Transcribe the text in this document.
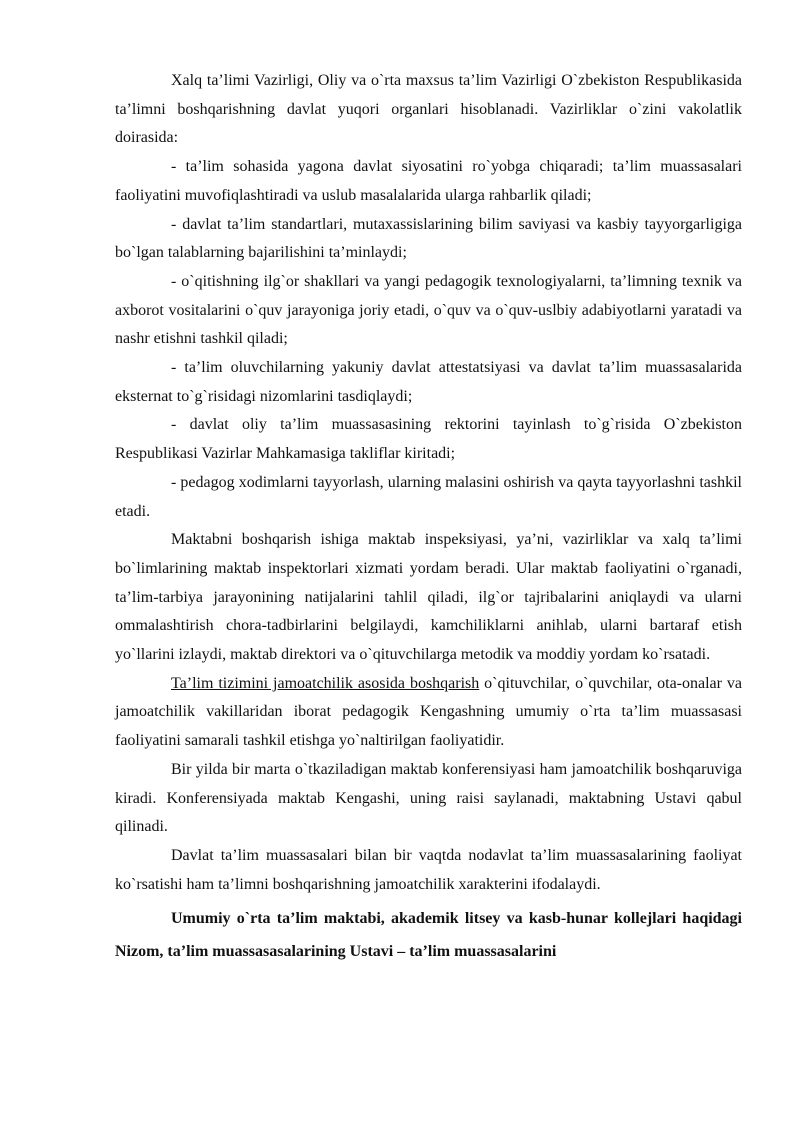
Xalq ta’limi Vazirligi, Oliy va o`rta maxsus ta’lim Vazirligi O`zbekiston Respublikasida ta’limni boshqarishning davlat yuqori organlari hisoblanadi. Vazirliklar o`zini vakolatlik doirasida:

- ta’lim sohasida yagona davlat siyosatini ro`yobga chiqaradi; ta’lim muassasalari faoliyatini muvofiqlashtiradi va uslub masalalarida ularga rahbarlik qiladi;

- davlat ta’lim standartlari, mutaxassislarining bilim saviyasi va kasbiy tayyorgarligiga bo`lgan talablarning bajarilishini ta’minlaydi;

- o`qitishning ilg`or shakllari va yangi pedagogik texnologiyalarni, ta’limning texnik va axborot vositalarini o`quv jarayoniga joriy etadi, o`quv va o`quv-uslbiy adabiyotlarni yaratadi va nashr etishni tashkil qiladi;

- ta’lim oluvchilarning yakuniy davlat attestatsiyasi va davlat ta’lim muassasalarida eksternat to`g`risidagi nizomlarini tasdiqlaydi;

- davlat oliy ta’lim muassasasining rektorini tayinlash to`g`risida O`zbekiston Respublikasi Vazirlar Mahkamasiga takliflar kiritadi;

- pedagog xodimlarni tayyorlash, ularning malasini oshirish va qayta tayyorlashni tashkil etadi.

Maktabni boshqarish ishiga maktab inspeksiyasi, ya’ni, vazirliklar va xalq ta’limi bo`limlarining maktab inspektorlari xizmati yordam beradi. Ular maktab faoliyatini o`rganadi, ta’lim-tarbiya jarayonining natijalarini tahlil qiladi, ilg`or tajribalarini aniqlaydi va ularni ommalashtirish chora-tadbirlarini belgilaydi, kamchiliklarni anihlab, ularni bartaraf etish yo`llarini izlaydi, maktab direktori va o`qituvchilarga metodik va moddiy yordam ko`rsatadi.

Ta’lim tizimini jamoatchilik asosida boshqarish o`qituvchilar, o`quvchilar, ota-onalar va jamoatchilik vakillaridan iborat pedagogik Kengashning umumiy o`rta ta’lim muassasasi faoliyatini samarali tashkil etishga yo`naltirilgan faoliyatidir.

Bir yilda bir marta o`tkaziladigan maktab konferensiyasi ham jamoatchilik boshqaruviga kiradi. Konferensiyada maktab Kengashi, uning raisi saylanadi, maktabning Ustavi qabul qilinadi.

Davlat ta’lim muassasalari bilan bir vaqtda nodavlat ta’lim muassasalarining faoliyat ko`rsatishi ham ta’limni boshqarishning jamoatchilik xarakterini ifodalaydi.

Umumiy o`rta ta’lim maktabi, akademik litsey va kasb-hunar kollejlari haqidagi Nizom, ta’lim muassasasalarining Ustavi – ta’lim muassasalarini
